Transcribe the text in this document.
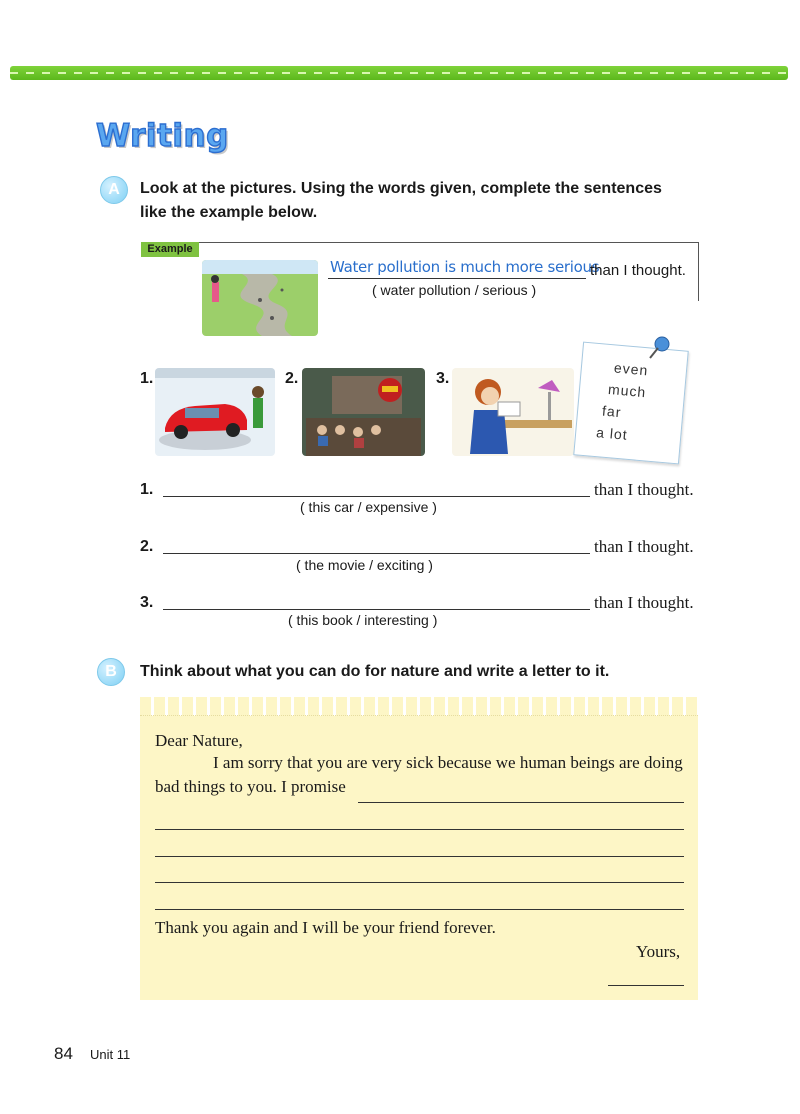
Writing
A	Look at the pictures. Using the words given, complete the sentences
like the example below.
Example
Water pollution is much more serious
than I thought.
( water pollution / serious )
1.	2.	3.
even
much
far
a lot
1.	than I thought.
( this car / expensive )
2.	than I thought.
( the movie / exciting )
3.	than I thought.
( this book / interesting )
B	Think about what you can do for nature and write a letter to it.
Dear Nature,
I am sorry that you are very sick because we human beings are doing
bad things to you. I promise
Thank you again and I will be your friend forever.
Yours,
84 Unit 11
